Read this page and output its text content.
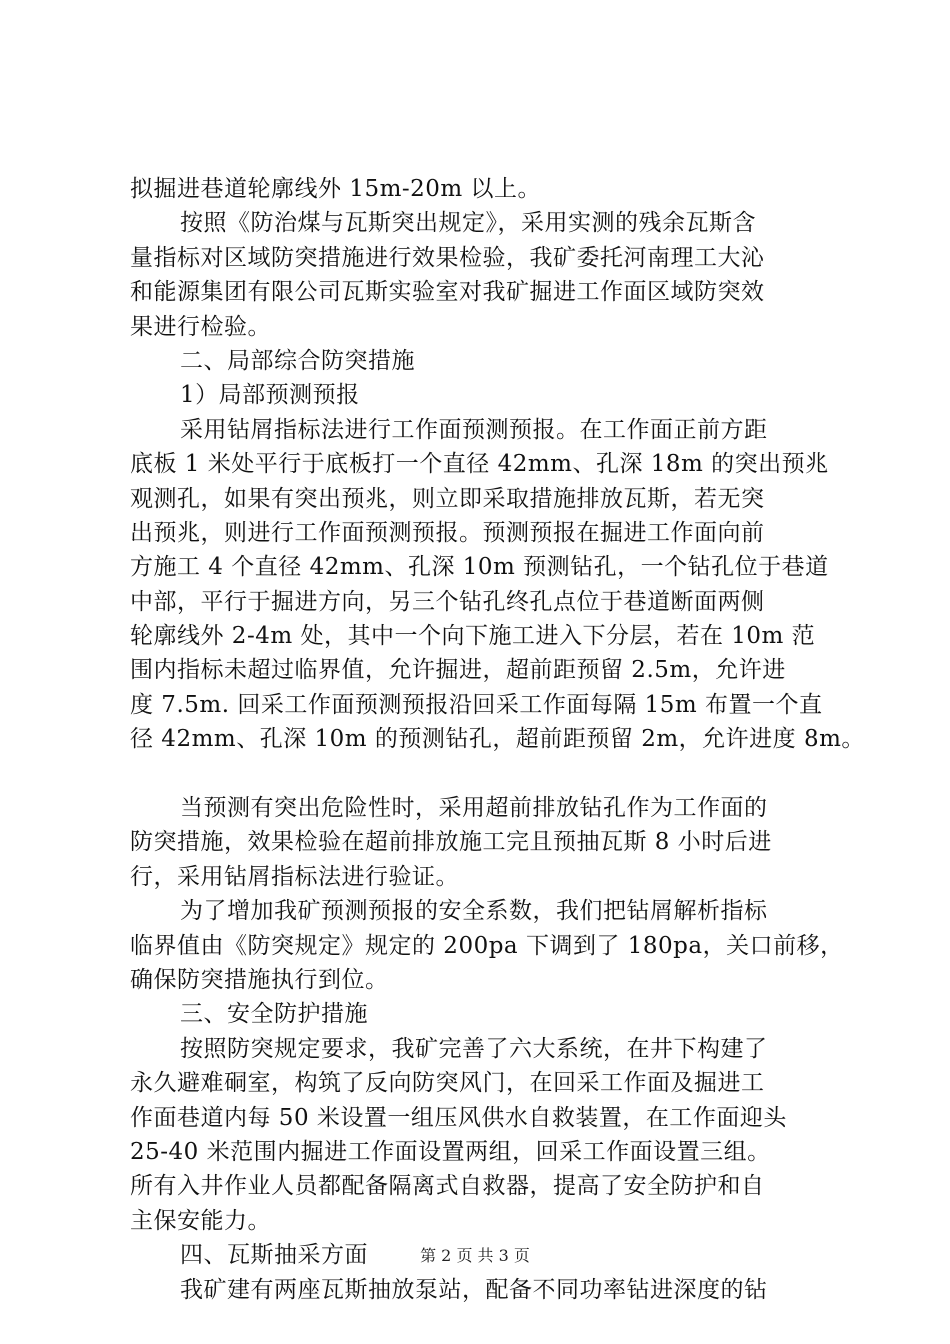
拟掘进巷道轮廓线外 15m-20m 以上。
按照《防治煤与瓦斯突出规定》，采用实测的残余瓦斯含
量指标对区域防突措施进行效果检验，我矿委托河南理工大沁
和能源集团有限公司瓦斯实验室对我矿掘进工作面区域防突效
果进行检验。
二、局部综合防突措施
1）局部预测预报
采用钻屑指标法进行工作面预测预报。在工作面正前方距
底板 1 米处平行于底板打一个直径 42mm、孔深 18m 的突出预兆
观测孔，如果有突出预兆，则立即采取措施排放瓦斯，若无突
出预兆，则进行工作面预测预报。预测预报在掘进工作面向前
方施工 4 个直径 42mm、孔深 10m 预测钻孔，一个钻孔位于巷道
中部，平行于掘进方向，另三个钻孔终孔点位于巷道断面两侧
轮廓线外 2-4m 处，其中一个向下施工进入下分层，若在 10m 范
围内指标未超过临界值，允许掘进，超前距预留 2.5m，允许进
度 7.5m. 回采工作面预测预报沿回采工作面每隔 15m 布置一个直
径 42mm、孔深 10m 的预测钻孔，超前距预留 2m，允许进度 8m。
当预测有突出危险性时，采用超前排放钻孔作为工作面的
防突措施，效果检验在超前排放施工完且预抽瓦斯 8 小时后进
行，采用钻屑指标法进行验证。
为了增加我矿预测预报的安全系数，我们把钻屑解析指标
临界值由《防突规定》规定的 200pa 下调到了 180pa，关口前移，
确保防突措施执行到位。
三、安全防护措施
按照防突规定要求，我矿完善了六大系统，在井下构建了
永久避难硐室，构筑了反向防突风门，在回采工作面及掘进工
作面巷道内每 50 米设置一组压风供水自救装置，在工作面迎头
25-40 米范围内掘进工作面设置两组，回采工作面设置三组。
所有入井作业人员都配备隔离式自救器，提高了安全防护和自
主保安能力。
四、瓦斯抽采方面
我矿建有两座瓦斯抽放泵站，配备不同功率钻进深度的钻
第 2 页 共 3 页
